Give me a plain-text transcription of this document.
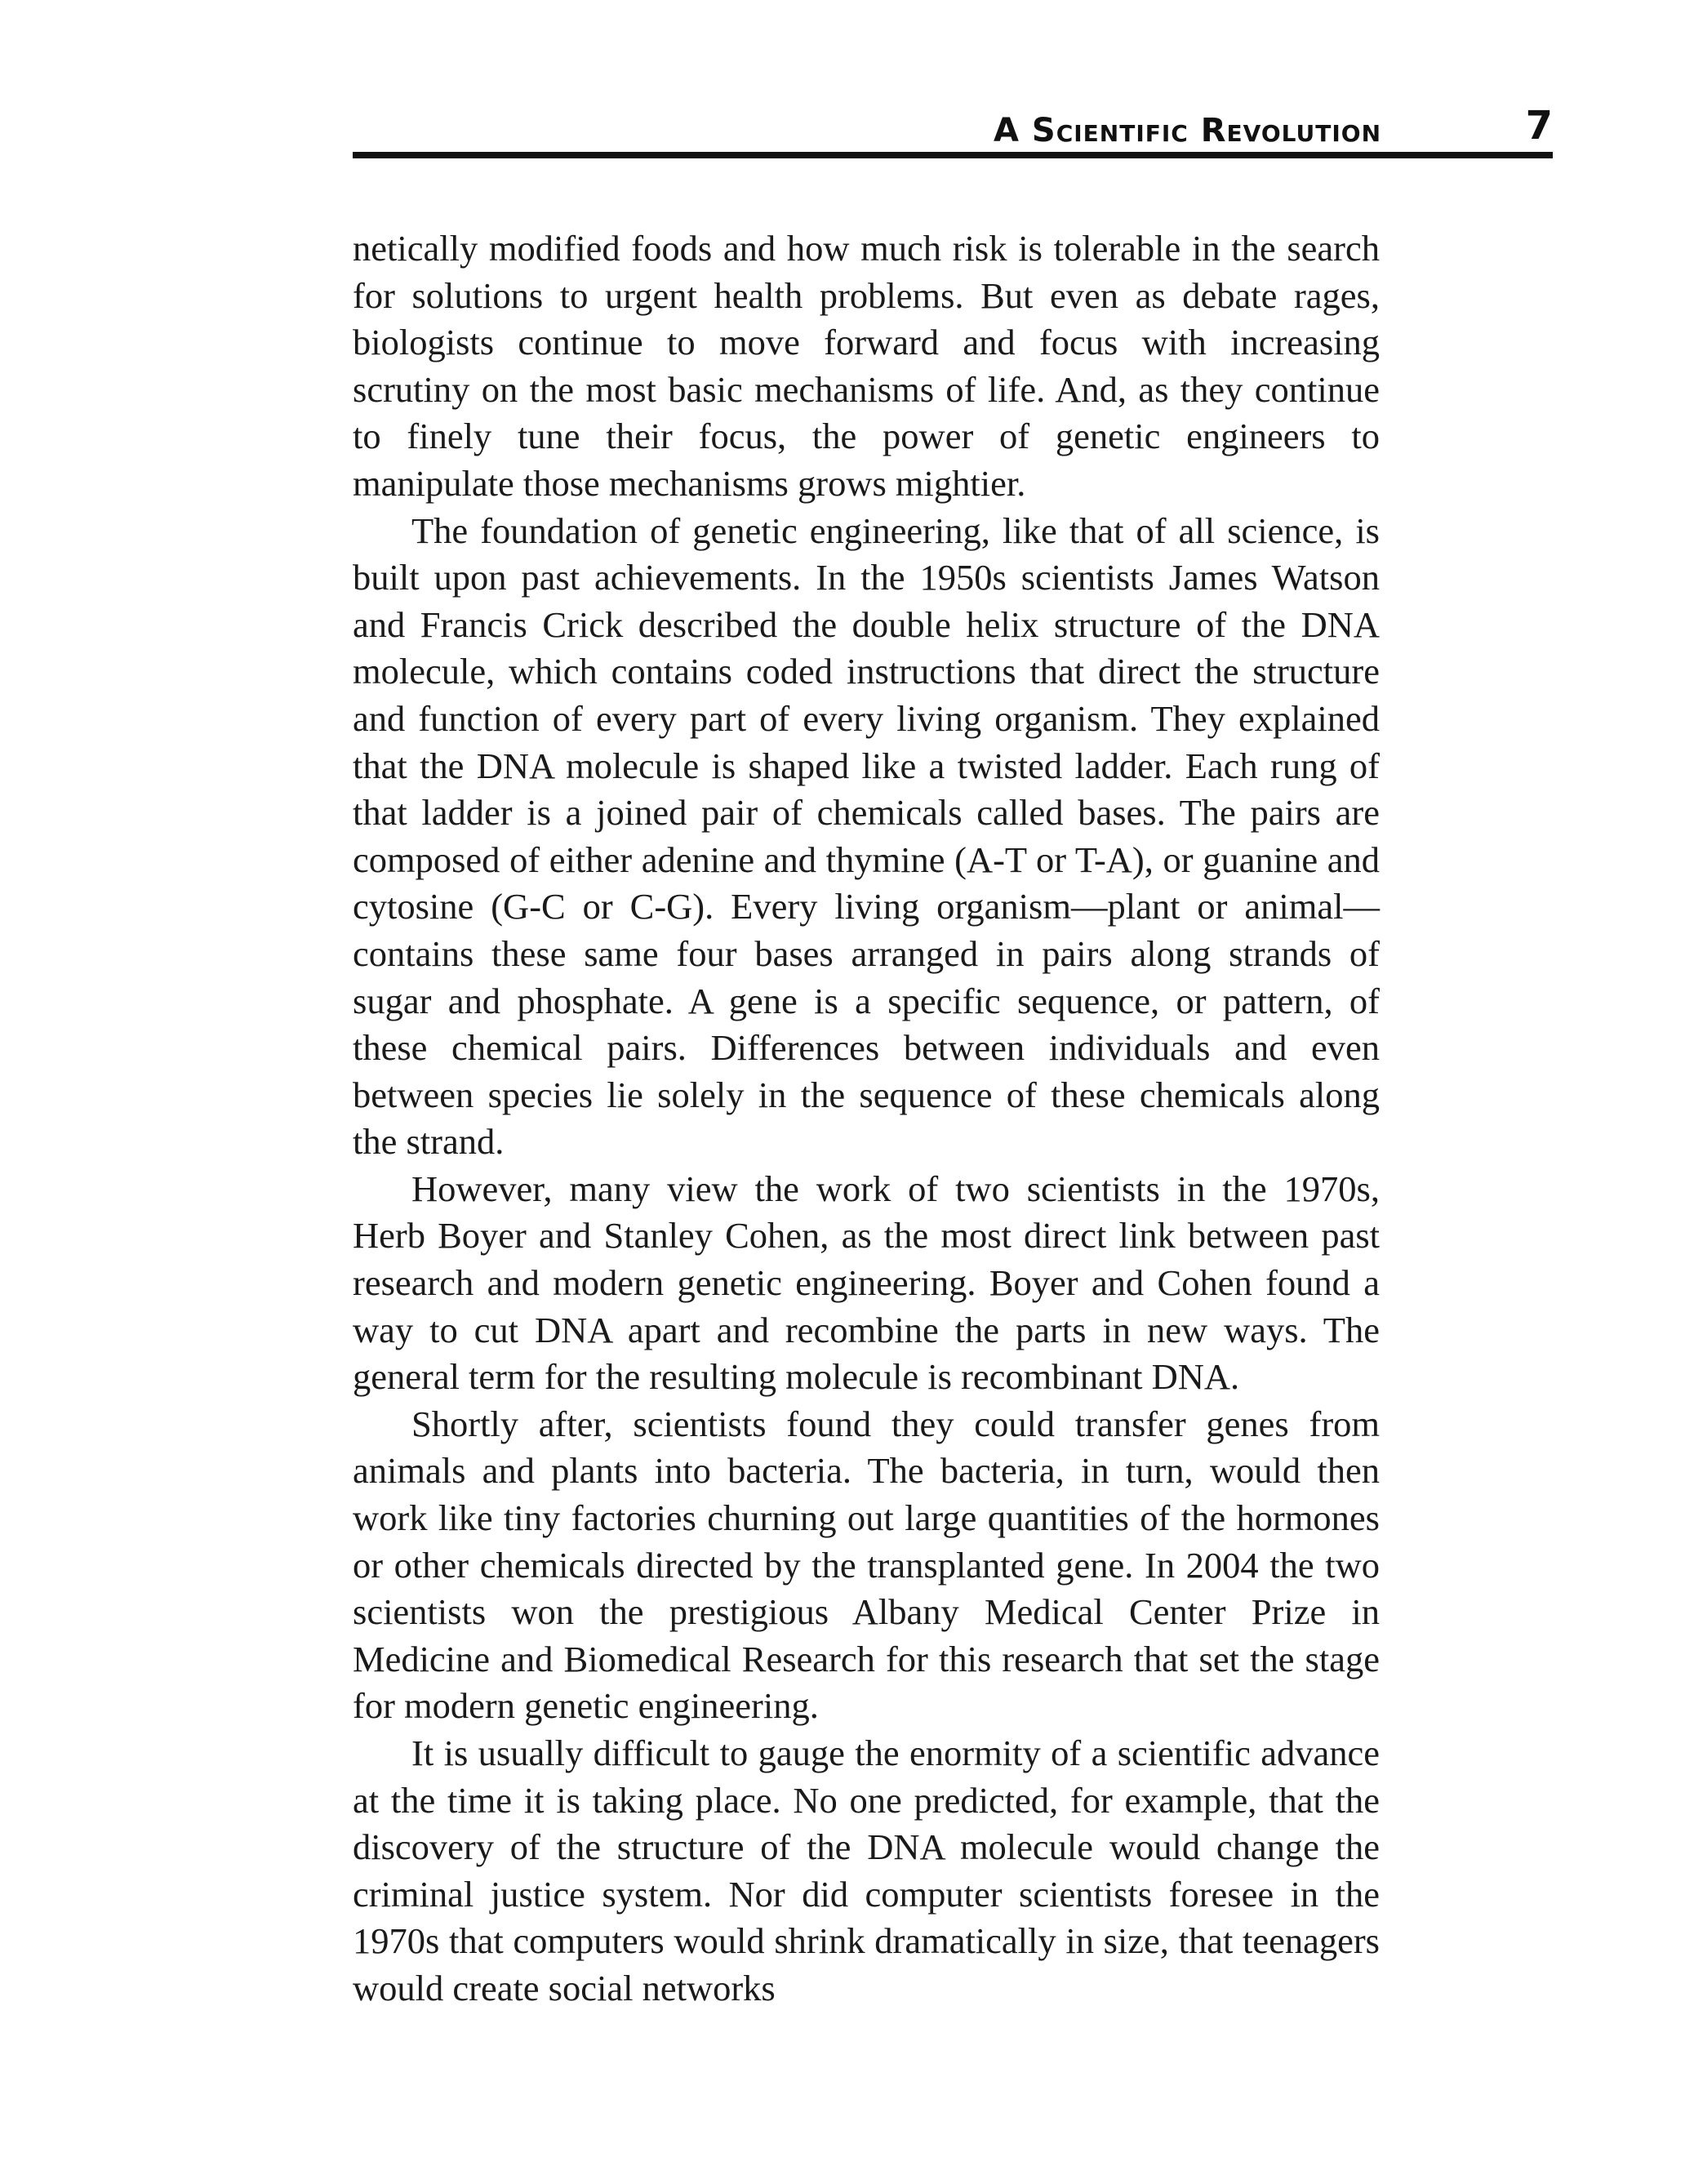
A Scientific Revolution	7

netically modified foods and how much risk is tolerable in the search for solutions to urgent health problems. But even as debate rages, biologists continue to move forward and focus with increasing scrutiny on the most basic mechanisms of life. And, as they continue to finely tune their focus, the power of genetic engineers to manipulate those mechanisms grows mightier.

The foundation of genetic engineering, like that of all science, is built upon past achievements. In the 1950s scientists James Watson and Francis Crick described the double helix structure of the DNA molecule, which contains coded instructions that direct the structure and function of every part of every living organism. They explained that the DNA molecule is shaped like a twisted ladder. Each rung of that ladder is a joined pair of chemicals called bases. The pairs are composed of either adenine and thymine (A-T or T-A), or guanine and cytosine (G-C or C-G). Every living organism—plant or animal—contains these same four bases arranged in pairs along strands of sugar and phosphate. A gene is a specific sequence, or pattern, of these chemical pairs. Differences between individuals and even between species lie solely in the sequence of these chemicals along the strand.

However, many view the work of two scientists in the 1970s, Herb Boyer and Stanley Cohen, as the most direct link between past research and modern genetic engineering. Boyer and Cohen found a way to cut DNA apart and recombine the parts in new ways. The general term for the resulting molecule is recombinant DNA.

Shortly after, scientists found they could transfer genes from animals and plants into bacteria. The bacteria, in turn, would then work like tiny factories churning out large quantities of the hormones or other chemicals directed by the transplanted gene. In 2004 the two scientists won the prestigious Albany Medical Center Prize in Medicine and Biomedical Research for this research that set the stage for modern genetic engineering.

It is usually difficult to gauge the enormity of a scientific advance at the time it is taking place. No one predicted, for example, that the discovery of the structure of the DNA molecule would change the criminal justice system. Nor did computer scientists foresee in the 1970s that computers would shrink dramatically in size, that teenagers would create social networks
